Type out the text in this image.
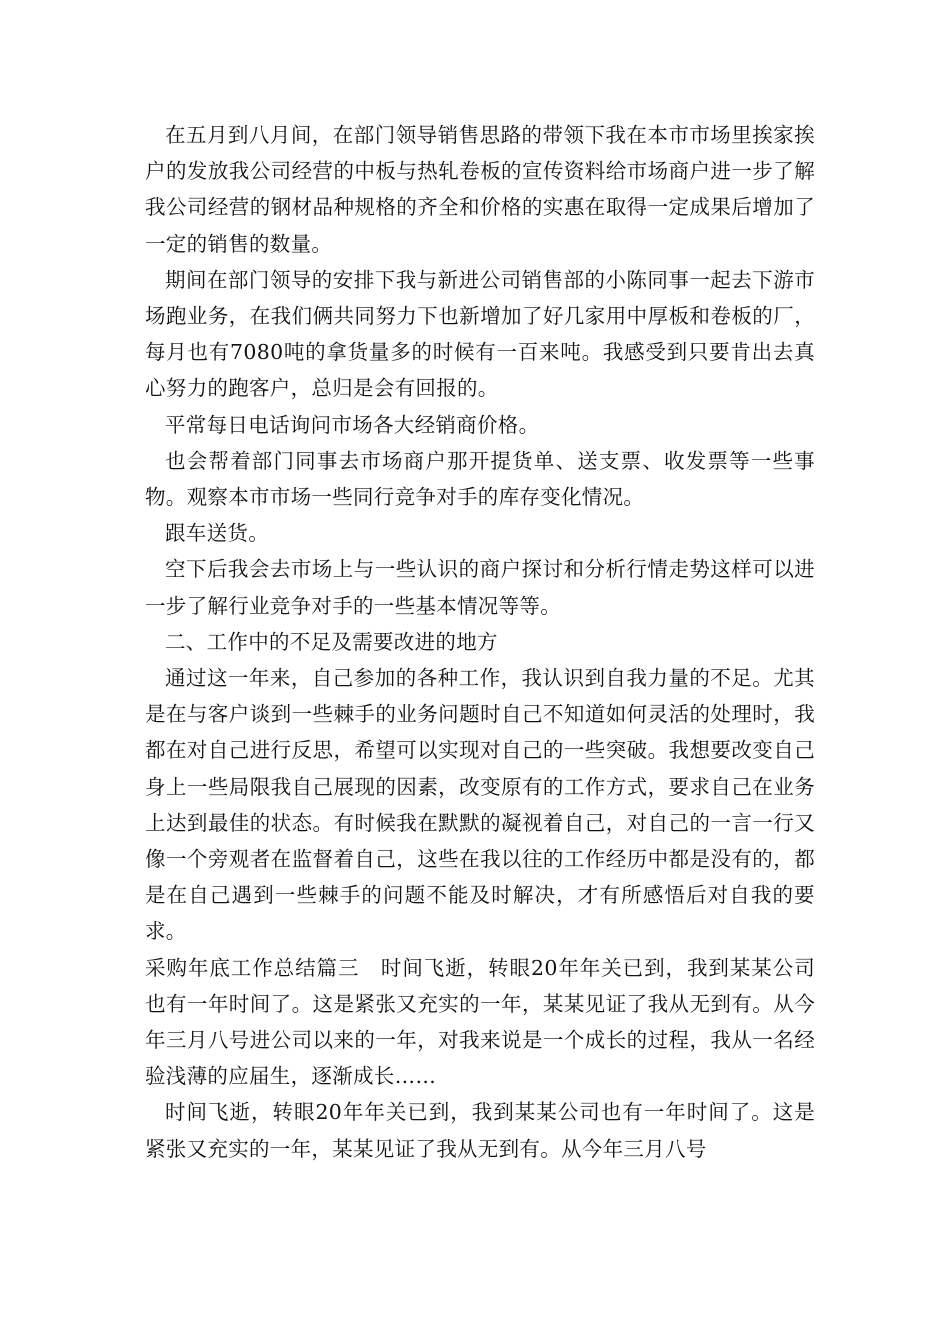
在五月到八月间，在部门领导销售思路的带领下我在本市市场里挨家挨户的发放我公司经营的中板与热轧卷板的宣传资料给市场商户进一步了解我公司经营的钢材品种规格的齐全和价格的实惠在取得一定成果后增加了一定的销售的数量。

期间在部门领导的安排下我与新进公司销售部的小陈同事一起去下游市场跑业务，在我们俩共同努力下也新增加了好几家用中厚板和卷板的厂，每月也有7080吨的拿货量多的时候有一百来吨。我感受到只要肯出去真心努力的跑客户，总归是会有回报的。

平常每日电话询问市场各大经销商价格。

也会帮着部门同事去市场商户那开提货单、送支票、收发票等一些事物。观察本市市场一些同行竞争对手的库存变化情况。

跟车送货。

空下后我会去市场上与一些认识的商户探讨和分析行情走势这样可以进一步了解行业竞争对手的一些基本情况等等。

二、工作中的不足及需要改进的地方

通过这一年来，自己参加的各种工作，我认识到自我力量的不足。尤其是在与客户谈到一些棘手的业务问题时自己不知道如何灵活的处理时，我都在对自己进行反思，希望可以实现对自己的一些突破。我想要改变自己身上一些局限我自己展现的因素，改变原有的工作方式，要求自己在业务上达到最佳的状态。有时候我在默默的凝视着自己，对自己的一言一行又像一个旁观者在监督着自己，这些在我以往的工作经历中都是没有的，都是在自己遇到一些棘手的问题不能及时解决，才有所感悟后对自我的要求。

采购年底工作总结篇三　时间飞逝，转眼20年年关已到，我到某某公司也有一年时间了。这是紧张又充实的一年，某某见证了我从无到有。从今年三月八号进公司以来的一年，对我来说是一个成长的过程，我从一名经验浅薄的应届生，逐渐成长……

时间飞逝，转眼20年年关已到，我到某某公司也有一年时间了。这是紧张又充实的一年，某某见证了我从无到有。从今年三月八号
